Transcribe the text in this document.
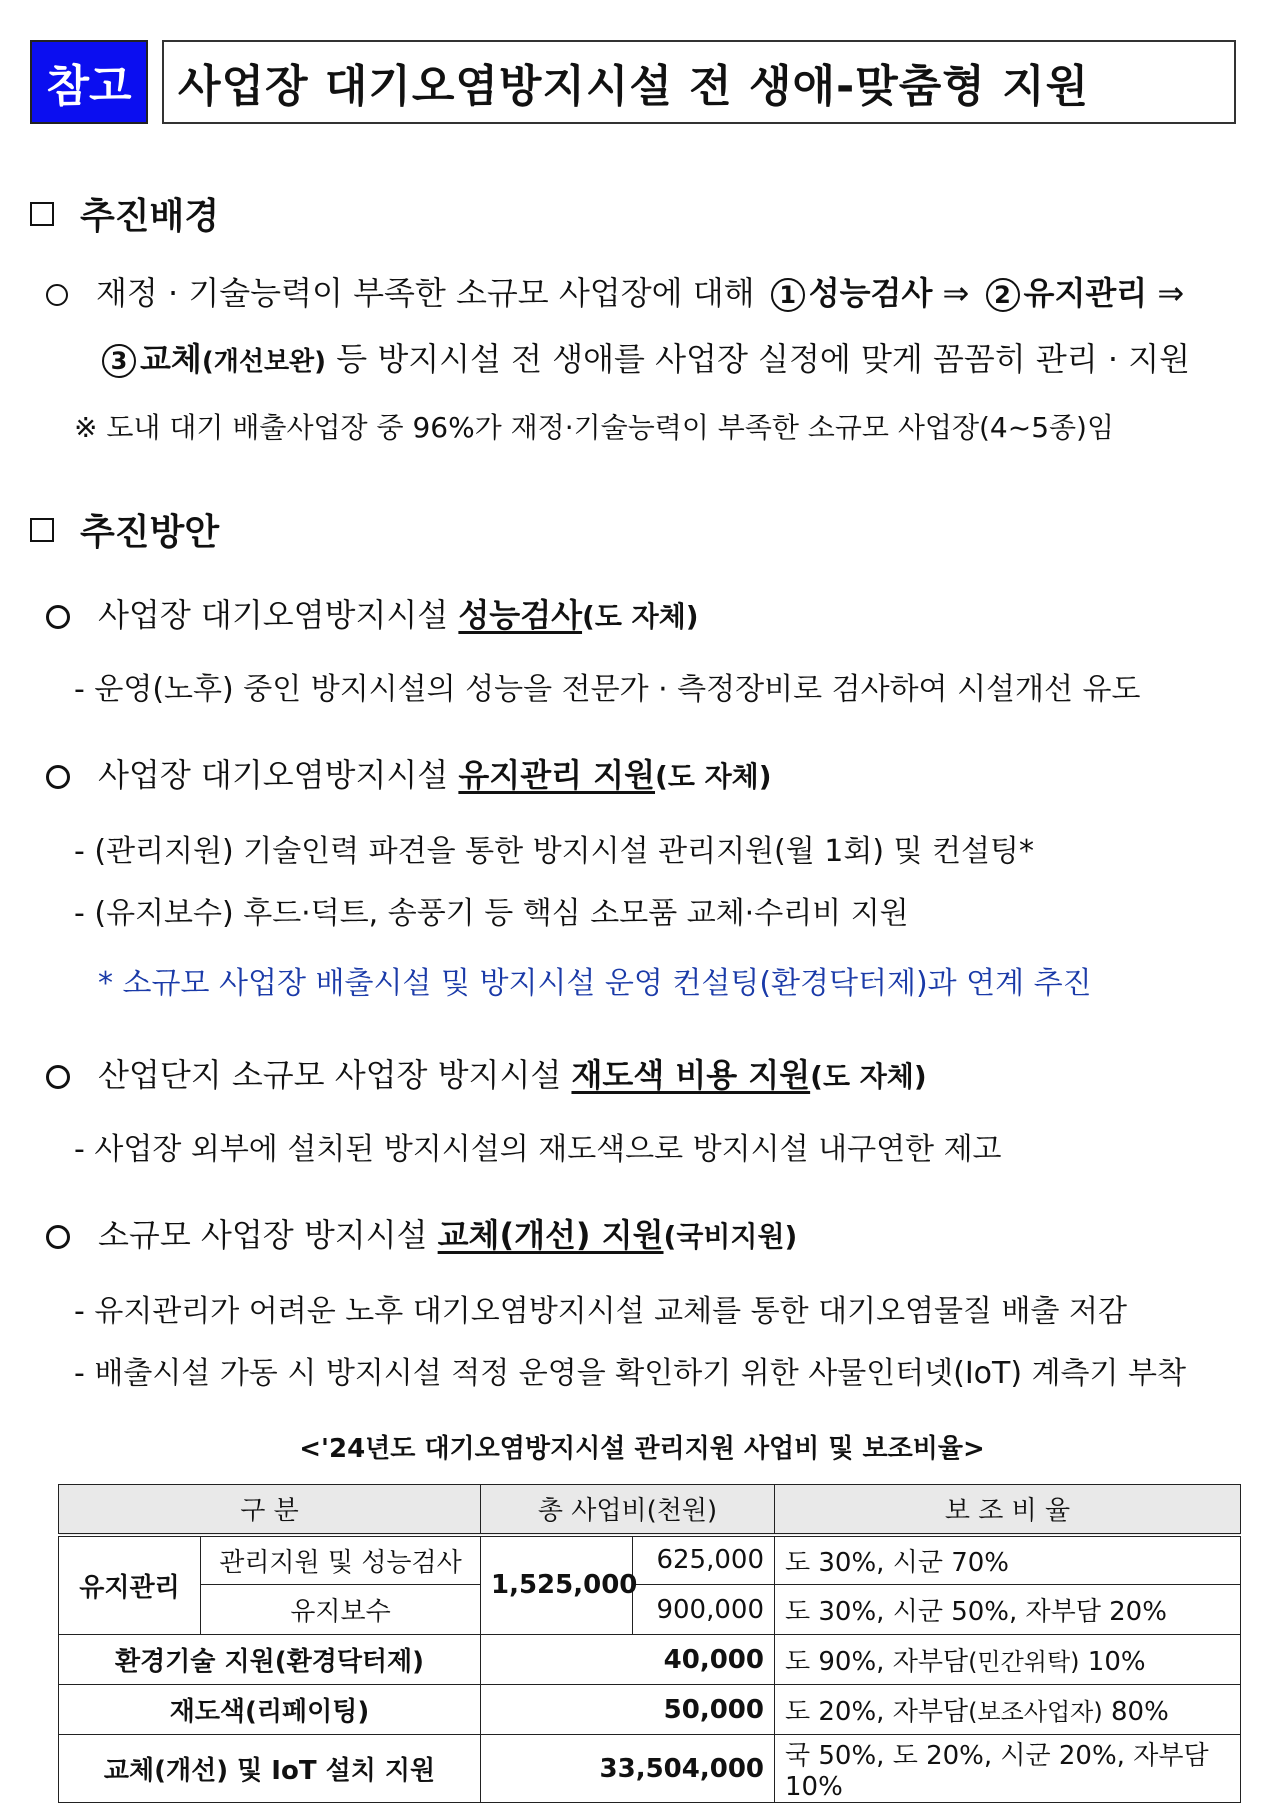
참고	사업장 대기오염방지시설 전 생애-맞춤형 지원
추진배경
재정 · 기술능력이 부족한 소규모 사업장에 대해 1 성능검사 ⇒ 2 유지관리 ⇒
3 교체(개선보완) 등 방지시설 전 생애를 사업장 실정에 맞게 꼼꼼히 관리 · 지원
※ 도내 대기 배출사업장 중 96%가 재정·기술능력이 부족한 소규모 사업장(4~5종)임
추진방안
사업장 대기오염방지시설 성능검사(도 자체)
- 운영(노후) 중인 방지시설의 성능을 전문가 · 측정장비로 검사하여 시설개선 유도
사업장 대기오염방지시설 유지관리 지원(도 자체)
- (관리지원) 기술인력 파견을 통한 방지시설 관리지원(월 1회) 및 컨설팅*
- (유지보수) 후드·덕트, 송풍기 등 핵심 소모품 교체·수리비 지원
* 소규모 사업장 배출시설 및 방지시설 운영 컨설팅(환경닥터제)과 연계 추진
산업단지 소규모 사업장 방지시설 재도색 비용 지원(도 자체)
- 사업장 외부에 설치된 방지시설의 재도색으로 방지시설 내구연한 제고
소규모 사업장 방지시설 교체(개선) 지원(국비지원)
- 유지관리가 어려운 노후 대기오염방지시설 교체를 통한 대기오염물질 배출 저감
- 배출시설 가동 시 방지시설 적정 운영을 확인하기 위한 사물인터넷(IoT) 계측기 부착
<'24년도 대기오염방지시설 관리지원 사업비 및 보조비율>
구 분		총 사업비(천원)		보 조 비 율
유지관리	관리지원 및 성능검사	1,525,000	625,000	도 30%, 시군 70%
	유지보수		900,000	도 30%, 시군 50%, 자부담 20%
환경기술 지원(환경닥터제)		40,000		도 90%, 자부담(민간위탁) 10%
재도색(리페이팅)		50,000		도 20%, 자부담(보조사업자) 80%
교체(개선) 및 IoT 설치 지원		33,504,000		국 50%, 도 20%, 시군 20%, 자부담 10%
